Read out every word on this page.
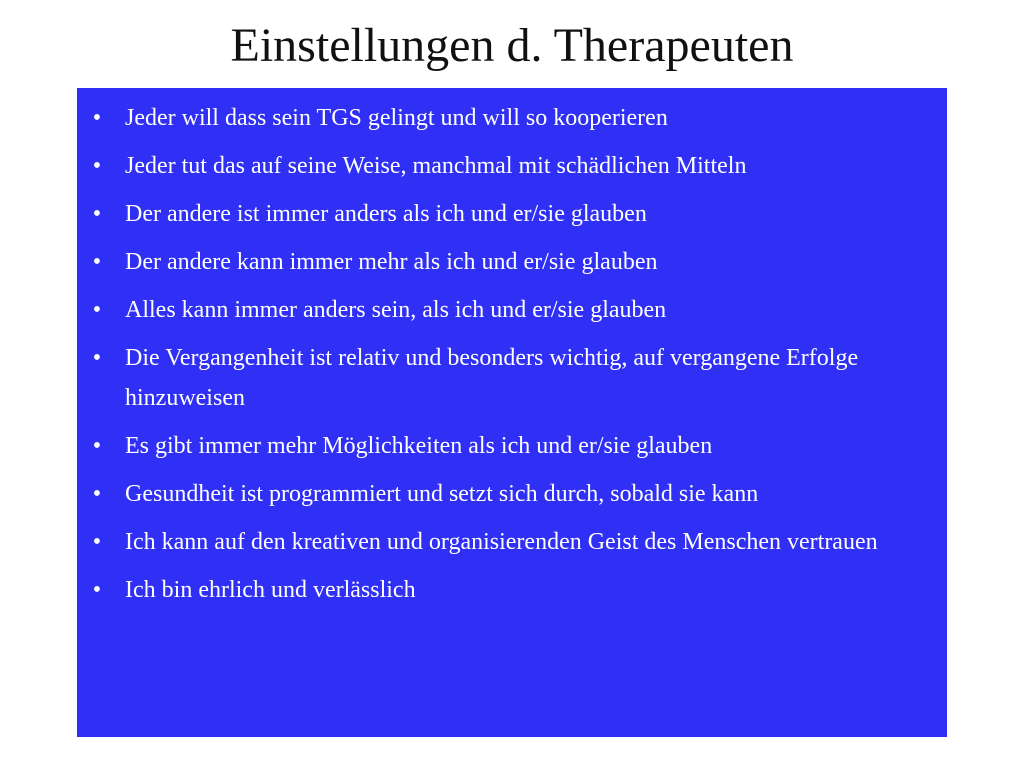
Einstellungen d. Therapeuten
• Jeder will dass sein TGS gelingt und will so kooperieren
• Jeder tut das auf seine Weise, manchmal mit schädlichen Mitteln
• Der andere ist immer anders als ich und er/sie glauben
• Der andere kann immer mehr als ich und er/sie glauben
• Alles kann immer anders sein, als ich und er/sie glauben
• Die Vergangenheit ist relativ und besonders wichtig, auf vergangene Erfolge hinzuweisen
• Es gibt immer mehr Möglichkeiten als ich und er/sie glauben
• Gesundheit ist programmiert und setzt sich durch, sobald sie kann
• Ich kann auf den kreativen und organisierenden Geist des Menschen vertrauen
• Ich bin ehrlich und verlässlich
